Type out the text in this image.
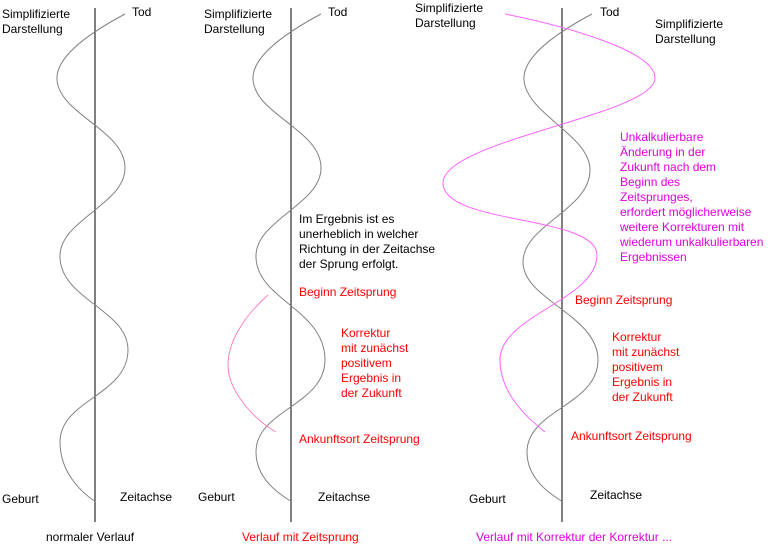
Simplifizierte
Darstellung
Tod
Geburt	Zeitachse
normaler Verlauf
Simplifizierte
Darstellung
Tod
Im Ergebnis ist es
unerheblich in welcher
Richtung in der Zeitachse
der Sprung erfolgt.
Beginn Zeitsprung
Korrektur
mit zunächst
positivem
Ergebnis in
der Zukunft
Ankunftsort Zeitsprung
Geburt	Zeitachse
Verlauf mit Zeitsprung
Simplifizierte
Darstellung
Tod
Simplifizierte
Darstellung
Unkalkulierbare
Änderung in der
Zukunft nach dem
Beginn des
Zeitsprunges,
erfordert möglicherweise
weitere Korrekturen mit
wiederum unkalkulierbaren
Ergebnissen
Beginn Zeitsprung
Korrektur
mit zunächst
positivem
Ergebnis in
der Zukunft
Ankunftsort Zeitsprung
Geburt	Zeitachse
Verlauf mit Korrektur der Korrektur ...
